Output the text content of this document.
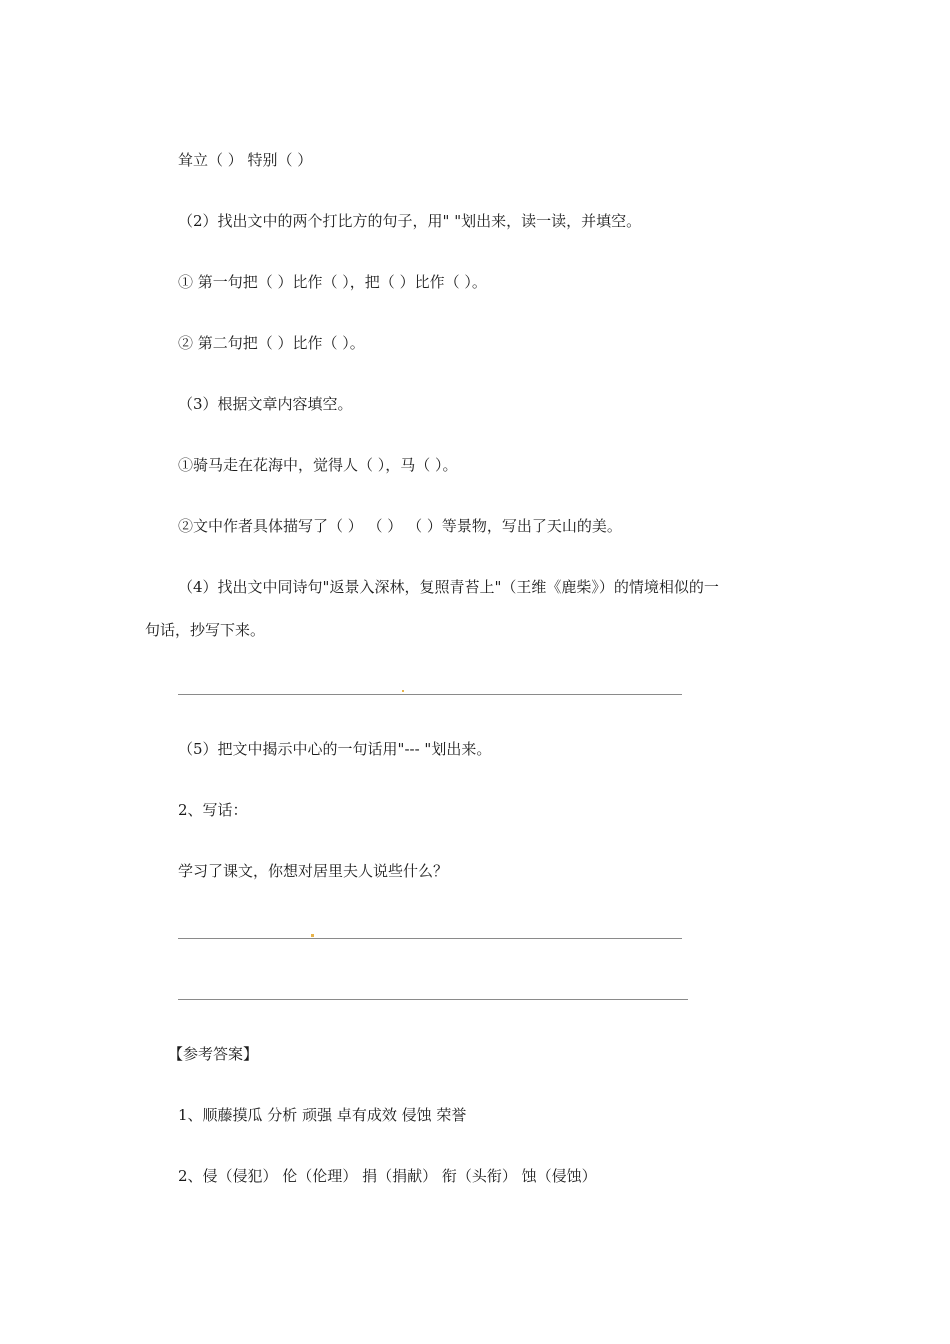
耸立（ ） 特别（ ）
（2）找出文中的两个打比方的句子，用" "划出来，读一读，并填空。
① 第一句把（ ）比作（ ），把（ ）比作（ ）。
② 第二句把（ ）比作（ ）。
（3）根据文章内容填空。
①骑马走在花海中，觉得人（ ），马（ ）。
②文中作者具体描写了（ ） （ ） （ ）等景物，写出了天山的美。
（4）找出文中同诗句"返景入深林，复照青苔上"（王维《鹿柴》）的情境相似的一
句话，抄写下来。
（5）把文中揭示中心的一句话用"--- "划出来。
2、写话：
学习了课文，你想对居里夫人说些什么？
【参考答案】
1、顺藤摸瓜 分析 顽强 卓有成效 侵蚀 荣誉
2、侵（侵犯） 伦（伦理） 捐（捐献） 衔（头衔） 蚀（侵蚀）
